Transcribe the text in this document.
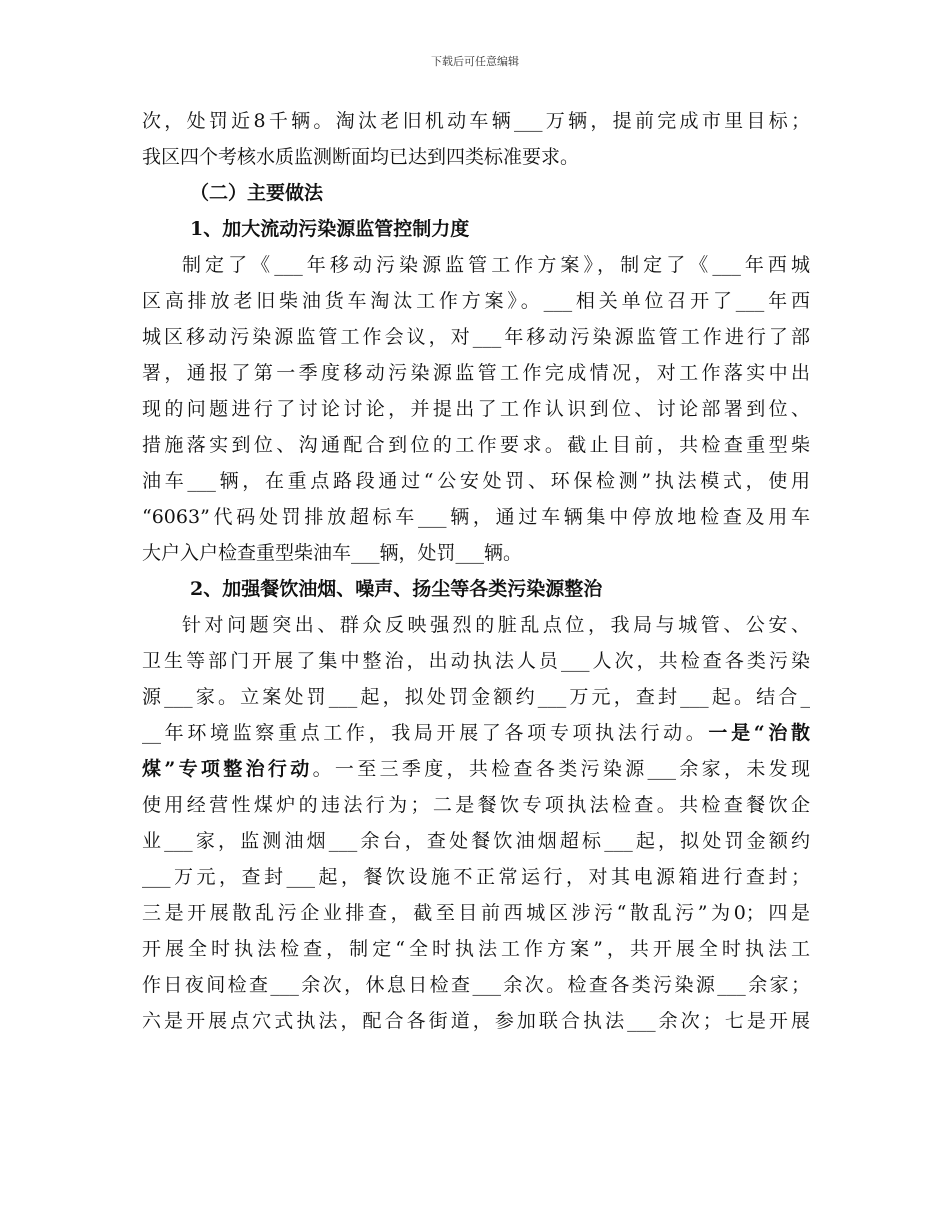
下载后可任意编辑
次，处罚近8千辆。淘汰老旧机动车辆___万辆，提前完成市里目标；
我区四个考核水质监测断面均已达到四类标准要求。
（二）主要做法
1、加大流动污染源监管控制力度
制定了《___年移动污染源监管工作方案》，制定了《___年西城
区高排放老旧柴油货车淘汰工作方案》。___相关单位召开了___年西
城区移动污染源监管工作会议，对___年移动污染源监管工作进行了部
署，通报了第一季度移动污染源监管工作完成情况，对工作落实中出
现的问题进行了讨论讨论，并提出了工作认识到位、讨论部署到位、
措施落实到位、沟通配合到位的工作要求。截止目前，共检查重型柴
油车___辆，在重点路段通过“公安处罚、环保检测”执法模式，使用
“6063”代码处罚排放超标车___辆，通过车辆集中停放地检查及用车
大户入户检查重型柴油车___辆，处罚___辆。
2、加强餐饮油烟、噪声、扬尘等各类污染源整治
针对问题突出、群众反映强烈的脏乱点位，我局与城管、公安、
卫生等部门开展了集中整治，出动执法人员___人次，共检查各类污染
源___家。立案处罚___起，拟处罚金额约___万元，查封___起。结合_
__年环境监察重点工作，我局开展了各项专项执法行动。一是“治散
煤”专项整治行动。一至三季度，共检查各类污染源___余家，未发现
使用经营性煤炉的违法行为；二是餐饮专项执法检查。共检查餐饮企
业___家，监测油烟___余台，查处餐饮油烟超标___起，拟处罚金额约
___万元，查封___起，餐饮设施不正常运行，对其电源箱进行查封；
三是开展散乱污企业排查，截至目前西城区涉污“散乱污”为0；四是
开展全时执法检查，制定“全时执法工作方案”，共开展全时执法工
作日夜间检查___余次，休息日检查___余次。检查各类污染源___余家；
六是开展点穴式执法，配合各街道，参加联合执法___余次；七是开展
